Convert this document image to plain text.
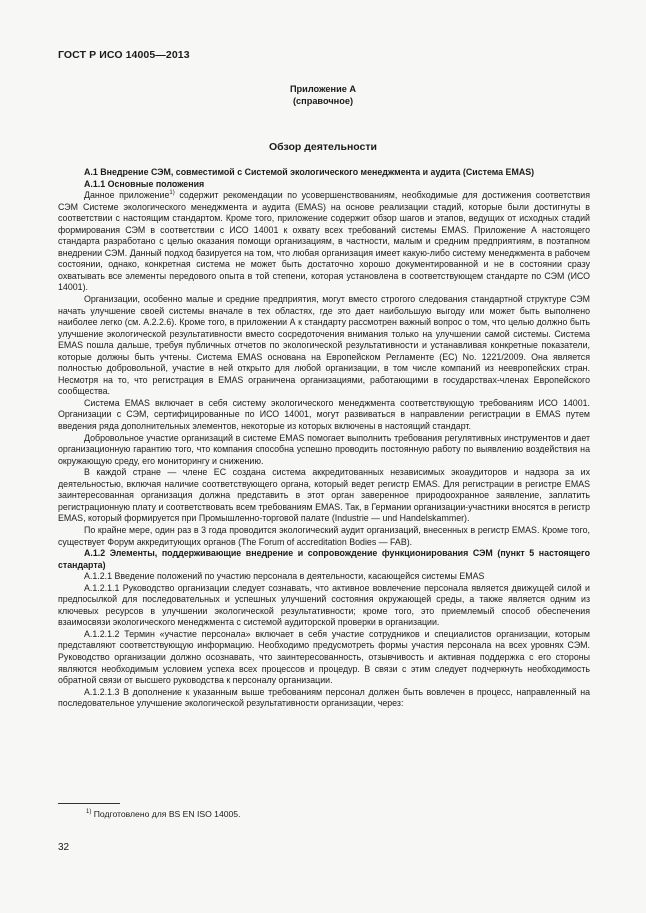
ГОСТ Р ИСО 14005—2013
Приложение А
(справочное)
Обзор деятельности

А.1 Внедрение СЭМ, совместимой с Системой экологического менеджмента и аудита (Система EMAS)

А.1.1 Основные положения

Данное приложение$^{1)}$ содержит рекомендации по усовершенствованиям, необходимые для достижения соответствия СЭМ Системе экологического менеджмента и аудита (EMAS) на основе реализации стадий, которые были достигнуты в соответствии с настоящим стандартом. Кроме того, приложение содержит обзор шагов и этапов, ведущих от исходных стадий формирования СЭМ в соответствии с ИСО 14001 к охвату всех требований системы EMAS. Приложение А настоящего стандарта разработано с целью оказания помощи организациям, в частности, малым и средним предприятиям, в поэтапном внедрении СЭМ. Данный подход базируется на том, что любая организация имеет какую-либо систему менеджмента в рабочем состоянии, однако, конкретная система не может быть достаточно хорошо документированной и не в состоянии сразу охватывать все элементы передового опыта в той степени, которая установлена в соответствующем стандарте по СЭМ (ИСО 14001).

Организации, особенно малые и средние предприятия, могут вместо строгого следования стандартной структуре СЭМ начать улучшение своей системы вначале в тех областях, где это дает наибольшую выгоду или может быть выполнено наиболее легко (см. А.2.2.6). Кроме того, в приложении А к стандарту рассмотрен важный вопрос о том, что целью должно быть улучшение экологической результативности вместо сосредоточения внимания только на улучшении самой системы. Система EMAS пошла дальше, требуя публичных отчетов по экологической результативности и устанавливая конкретные показатели, которые должны быть учтены. Система EMAS основана на Европейском Регламенте (EC) No. 1221/2009. Она является полностью добровольной, участие в ней открыто для любой организации, в том числе компаний из неевропейских стран. Несмотря на то, что регистрация в EMAS ограничена организациями, работающими в государствах-членах Европейского сообщества.

Система EMAS включает в себя систему экологического менеджмента соответствующую требованиям ИСО 14001. Организации с СЭМ, сертифицированные по ИСО 14001, могут развиваться в направлении регистрации в EMAS путем введения ряда дополнительных элементов, некоторые из которых включены в настоящий стандарт.

Добровольное участие организаций в системе EMAS помогает выполнить требования регулятивных инструментов и дает организационную гарантию того, что компания способна успешно проводить постоянную работу по выявлению воздействия на окружающую среду, его мониторингу и снижению.

В каждой стране — члене ЕС создана система аккредитованных независимых экоаудиторов и надзора за их деятельностью, включая наличие соответствующего органа, который ведет регистр EMAS. Для регистрации в регистре EMAS заинтересованная организация должна представить в этот орган заверенное природоохранное заявление, заплатить регистрационную плату и соответствовать всем требованиям EMAS. Так, в Германии организации-участники вносятся в регистр EMAS, который формируется при Промышленно-торговой палате (Industrie — und Handelskammer).

По крайне мере, один раз в 3 года проводится экологический аудит организаций, внесенных в регистр EMAS. Кроме того, существует Форум аккредитующих органов (The Forum of accreditation Bodies — FAB).

А.1.2 Элементы, поддерживающие внедрение и сопровождение функционирования СЭМ (пункт 5 настоящего стандарта)

А.1.2.1 Введение положений по участию персонала в деятельности, касающейся системы EMAS

А.1.2.1.1 Руководство организации следует сознавать, что активное вовлечение персонала является движущей силой и предпосылкой для последовательных и успешных улучшений состояния окружающей среды, а также является одним из ключевых ресурсов в улучшении экологической результативности; кроме того, это приемлемый способ обеспечения взаимосвязи экологического менеджмента с системой аудиторской проверки в организации.

А.1.2.1.2 Термин «участие персонала» включает в себя участие сотрудников и специалистов организации, которым представляют соответствующую информацию. Необходимо предусмотреть формы участия персонала на всех уровнях СЭМ. Руководство организации должно осознавать, что заинтересованность, отзывчивость и активная поддержка с его стороны являются необходимым условием успеха всех процессов и процедур. В связи с этим следует подчеркнуть необходимость обратной связи от высшего руководства к персоналу организации.

А.1.2.1.3 В дополнение к указанным выше требованиям персонал должен быть вовлечен в процесс, направленный на последовательное улучшение экологической результативности организации, через:

$^{1)}$ Подготовлено для BS EN ISO 14005.
32
